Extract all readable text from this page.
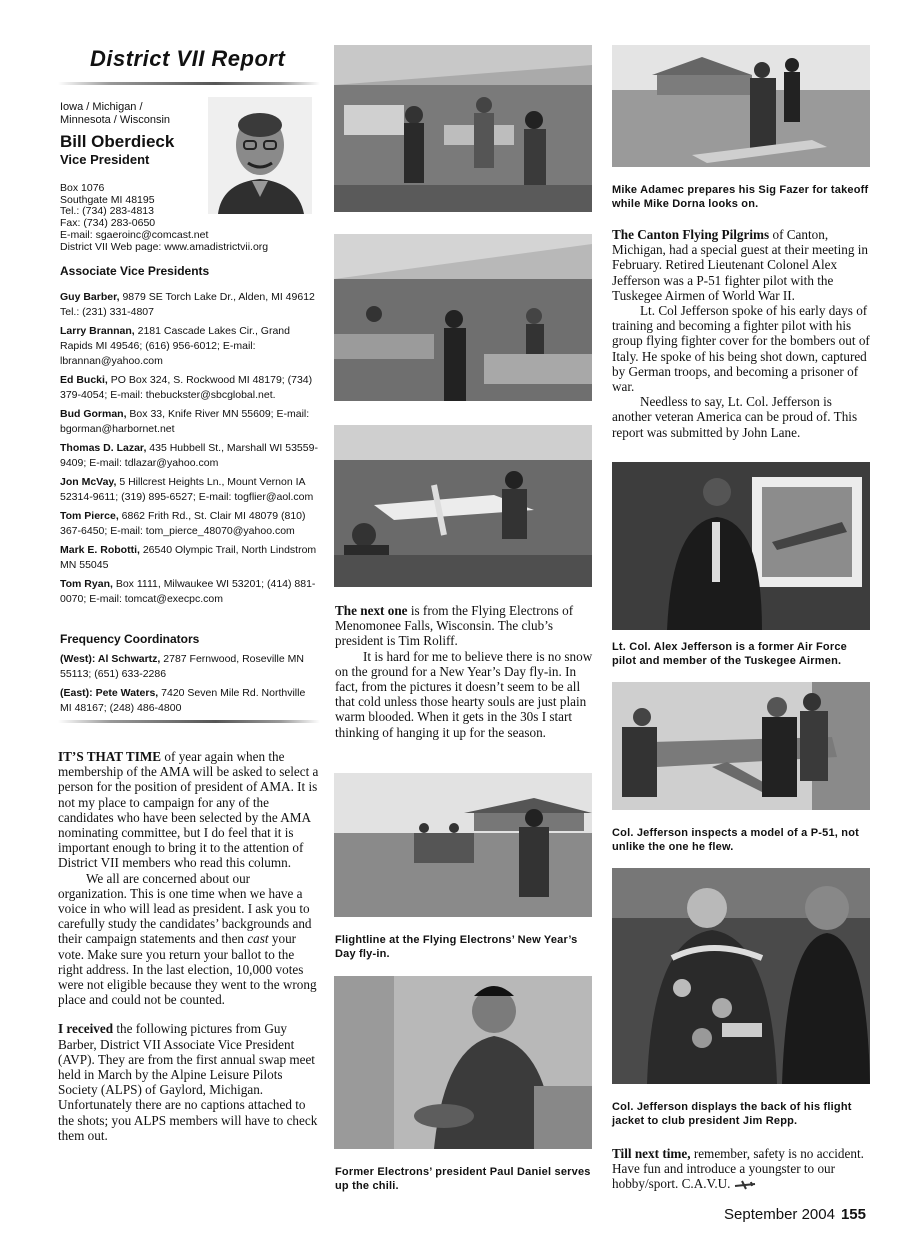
District VII Report
Iowa / Michigan /
Minnesota / Wisconsin
Bill Oberdieck
Vice President
Box 1076
Southgate MI 48195
Tel.: (734) 283-4813
Fax: (734) 283-0650
E-mail: sgaeroinc@comcast.net
District VII Web page: www.amadistrictvii.org
Associate Vice Presidents

Guy Barber, 9879 SE Torch Lake Dr., Alden, MI 49612 Tel.: (231) 331-4807

Larry Brannan, 2181 Cascade Lakes Cir., Grand Rapids MI 49546; (616) 956-6012; E-mail: lbrannan@yahoo.com

Ed Bucki, PO Box 324, S. Rockwood MI 48179; (734) 379-4054; E-mail: thebuckster@sbcglobal.net.

Bud Gorman, Box 33, Knife River MN 55609; E-mail: bgorman@harbornet.net

Thomas D. Lazar, 435 Hubbell St., Marshall WI 53559-9409; E-mail: tdlazar@yahoo.com

Jon McVay, 5 Hillcrest Heights Ln., Mount Vernon IA 52314-9611; (319) 895-6527; E-mail: togflier@aol.com

Tom Pierce, 6862 Frith Rd., St. Clair MI 48079 (810) 367-6450; E-mail: tom_pierce_48070@yahoo.com

Mark E. Robotti, 26540 Olympic Trail, North Lindstrom MN 55045

Tom Ryan, Box 1111, Milwaukee WI 53201; (414) 881-0070; E-mail: tomcat@execpc.com

Frequency Coordinators

(West): Al Schwartz, 2787 Fernwood, Roseville MN 55113; (651) 633-2286

(East): Pete Waters, 7420 Seven Mile Rd. Northville MI 48167; (248) 486-4800

IT’S THAT TIME of year again when the membership of the AMA will be asked to select a person for the position of president of AMA. It is not my place to campaign for any of the candidates who have been selected by the AMA nominating committee, but I do feel that it is important enough to bring it to the attention of District VII members who read this column.

We all are concerned about our organization. This is one time when we have a voice in who will lead as president. I ask you to carefully study the candidates’ backgrounds and their campaign statements and then cast your vote. Make sure you return your ballot to the right address. In the last election, 10,000 votes were not eligible because they went to the wrong place and could not be counted.

I received the following pictures from Guy Barber, District VII Associate Vice President (AVP). They are from the first annual swap meet held in March by the Alpine Leisure Pilots Society (ALPS) of Gaylord, Michigan. Unfortunately there are no captions attached to the shots; you ALPS members will have to check them out.

The next one is from the Flying Electrons of Menomonee Falls, Wisconsin. The club’s president is Tim Roliff.

It is hard for me to believe there is no snow on the ground for a New Year’s Day fly-in. In fact, from the pictures it doesn’t seem to be all that cold unless those hearty souls are just plain warm blooded. When it gets in the 30s I start thinking of hanging it up for the season.

Flightline at the Flying Electrons’ New Year’s Day fly-in.
Former Electrons’ president Paul Daniel serves up the chili.
Mike Adamec prepares his Sig Fazer for takeoff while Mike Dorna looks on.

The Canton Flying Pilgrims of Canton, Michigan, had a special guest at their meeting in February. Retired Lieutenant Colonel Alex Jefferson was a P-51 fighter pilot with the Tuskegee Airmen of World War II.

Lt. Col Jefferson spoke of his early days of training and becoming a fighter pilot with his group flying fighter cover for the bombers out of Italy. He spoke of his being shot down, captured by German troops, and becoming a prisoner of war.

Needless to say, Lt. Col. Jefferson is another veteran America can be proud of. This report was submitted by John Lane.

Lt. Col. Alex Jefferson is a former Air Force pilot and member of the Tuskegee Airmen.
Col. Jefferson inspects a model of a P-51, not unlike the one he flew.
Col. Jefferson displays the back of his flight jacket to club president Jim Repp.

Till next time, remember, safety is no accident. Have fun and introduce a youngster to our hobby/sport. C.A.V.U.

September 2004 155
